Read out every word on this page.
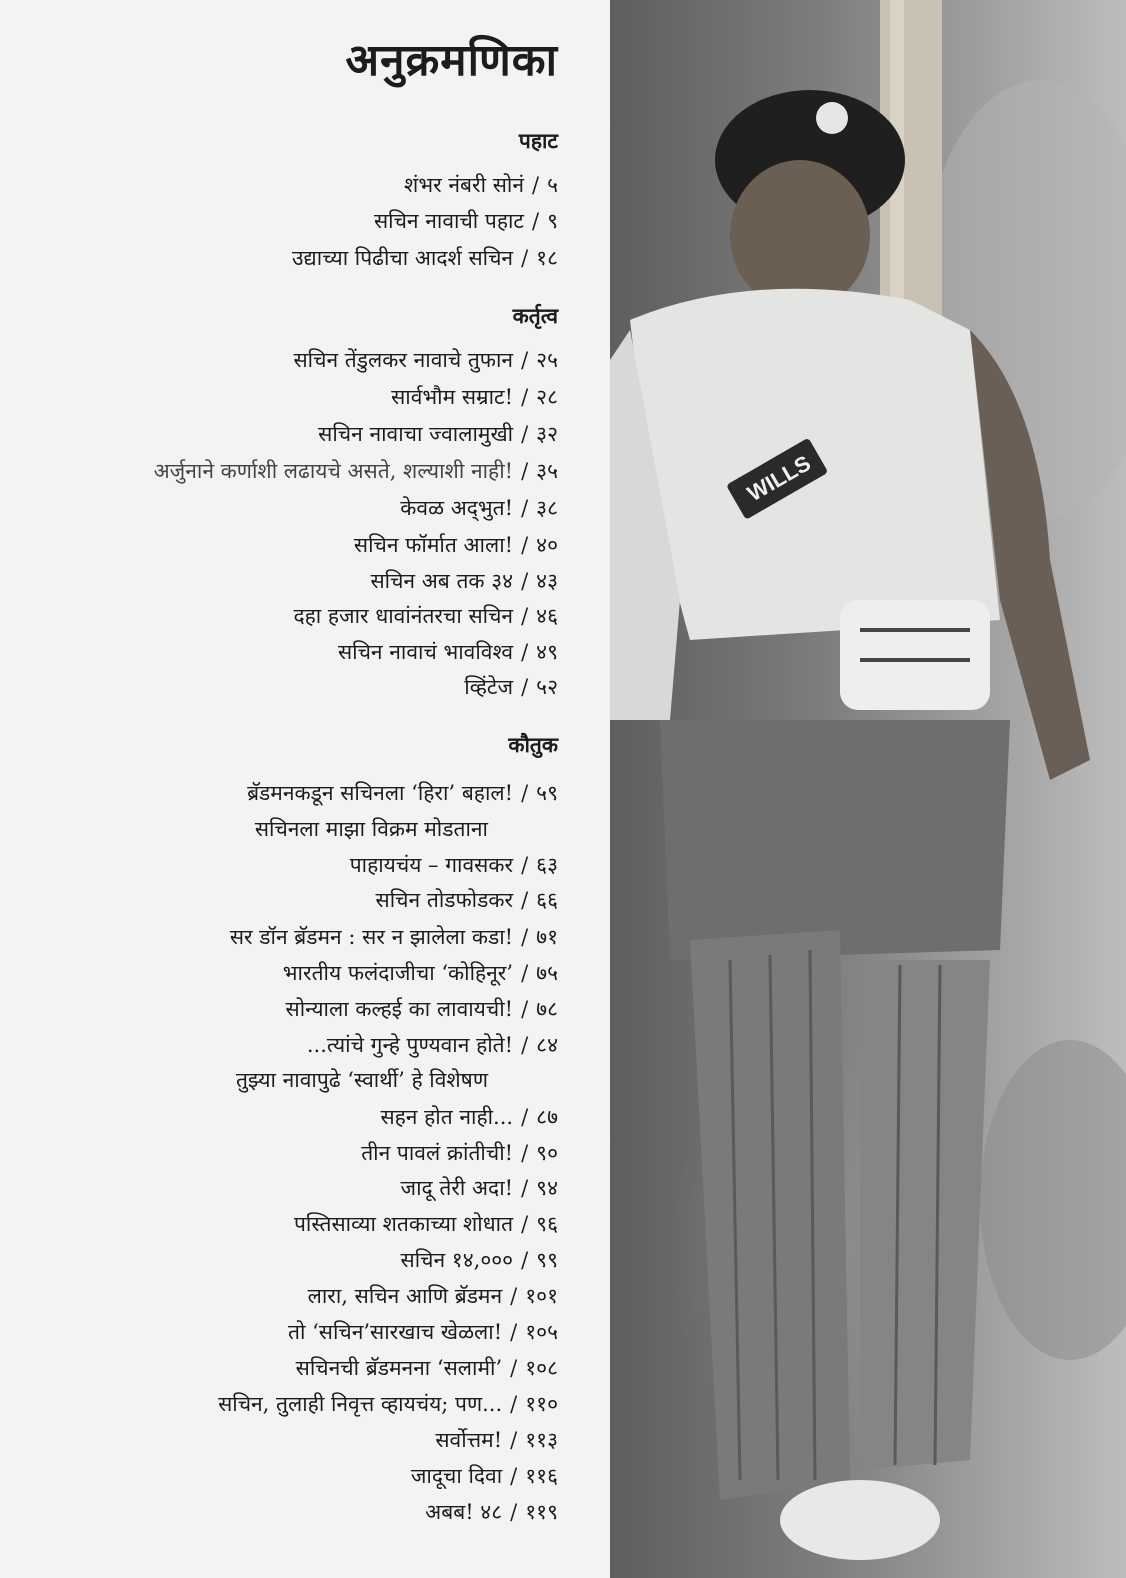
WILLS
अनुक्रमणिका
पहाट
शंभर नंबरी सोनं / ५
सचिन नावाची पहाट / ९
उद्याच्या पिढीचा आदर्श सचिन / १८
कर्तृत्व
सचिन तेंडुलकर नावाचे तुफान / २५
सार्वभौम सम्राट! / २८
सचिन नावाचा ज्वालामुखी / ३२
अर्जुनाने कर्णाशी लढायचे असते, शल्याशी नाही! / ३५
केवळ अद्‌भुत! / ३८
सचिन फॉर्मात आला! / ४०
सचिन अब तक ३४ / ४३
दहा हजार धावांनंतरचा सचिन / ४६
सचिन नावाचं भावविश्व / ४९
व्हिंटेज / ५२
कौतुक
ब्रॅडमनकडून सचिनला ‘हिरा’ बहाल! / ५९
सचिनला माझा विक्रम मोडताना
पाहायचंय – गावसकर / ६३
सचिन तोडफोडकर / ६६
सर डॉन ब्रॅडमन : सर न झालेला कडा! / ७१
भारतीय फलंदाजीचा ‘कोहिनूर’ / ७५
सोन्याला कल्हई का लावायची! / ७८
...त्यांचे गुन्हे पुण्यवान होते! / ८४
तुझ्या नावापुढे ‘स्वार्थी’ हे विशेषण
सहन होत नाही... / ८७
तीन पावलं क्रांतीची! / ९०
जादू तेरी अदा! / ९४
पस्तिसाव्या शतकाच्या शोधात / ९६
सचिन १४,००० / ९९
लारा, सचिन आणि ब्रॅडमन / १०१
तो ‘सचिन’सारखाच खेळला! / १०५
सचिनची ब्रॅडमनना ‘सलामी’ / १०८
सचिन, तुलाही निवृत्त व्हायचंय; पण... / ११०
सर्वोत्तम! / ११३
जादूचा दिवा / ११६
अबब! ४८ / ११९
